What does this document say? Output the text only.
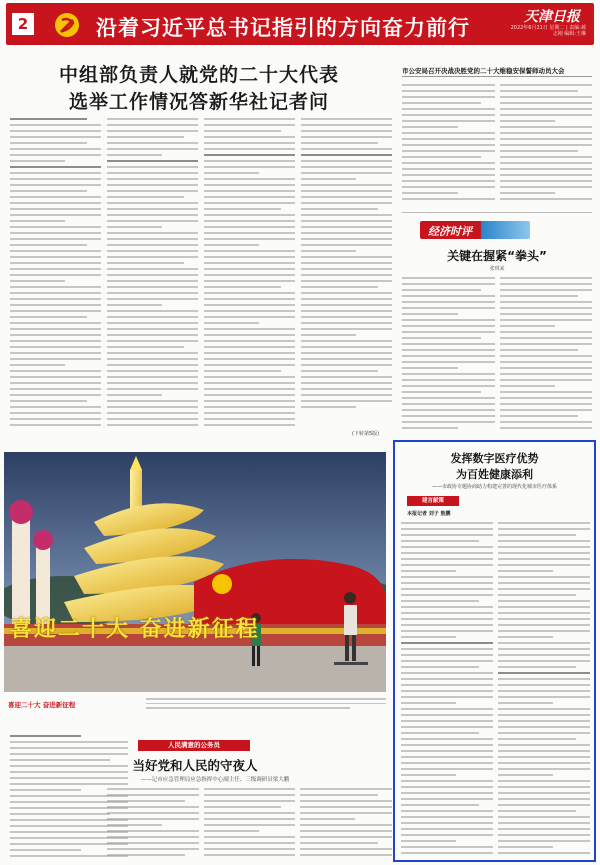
2	沿着习近平总书记指引的方向奋力前行	天津日报
2022年6月21日 星期二 | 责编:郝志刚 编辑:王琳
中组部负责人就党的二十大代表
选举工作情况答新华社记者问
(下转第5版)
市公安局召开决战决胜党的二十大维稳安保誓师动员大会
经济时评
关键在握紧“拳头”
张琪来
喜迎二十大 奋进新征程
喜迎二十大 奋进新征程
人民满意的公务员
当好党和人民的守夜人
——记市应急管理局应急指挥中心副主任、三级调研员梁大鹏
发挥数字医疗优势
为百姓健康添利
——市政协专题协商助力构建完善的现代化城市医疗体系
建言献策
本报记者 刘子 敖鹏
